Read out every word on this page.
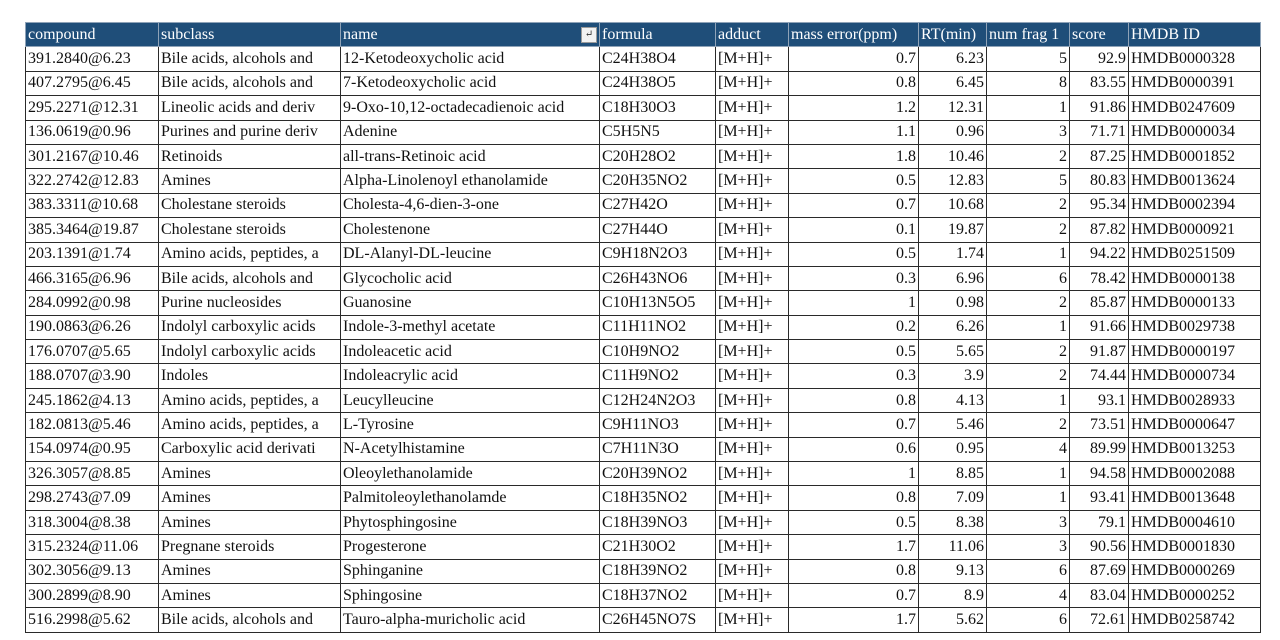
compound	subclass	name ↵	formula	adduct	mass error(ppm)	RT(min)	num frag 1	score	HMDB ID
391.2840@6.23	Bile acids, alcohols and	12-Ketodeoxycholic acid	C24H38O4	[M+H]+	0.7	6.23	5	92.9	HMDB0000328
407.2795@6.45	Bile acids, alcohols and	7-Ketodeoxycholic acid	C24H38O5	[M+H]+	0.8	6.45	8	83.55	HMDB0000391
295.2271@12.31	Lineolic acids and deriv	9-Oxo-10,12-octadecadienoic acid	C18H30O3	[M+H]+	1.2	12.31	1	91.86	HMDB0247609
136.0619@0.96	Purines and purine deriv	Adenine	C5H5N5	[M+H]+	1.1	0.96	3	71.71	HMDB0000034
301.2167@10.46	Retinoids	all-trans-Retinoic acid	C20H28O2	[M+H]+	1.8	10.46	2	87.25	HMDB0001852
322.2742@12.83	Amines	Alpha-Linolenoyl ethanolamide	C20H35NO2	[M+H]+	0.5	12.83	5	80.83	HMDB0013624
383.3311@10.68	Cholestane steroids	Cholesta-4,6-dien-3-one	C27H42O	[M+H]+	0.7	10.68	2	95.34	HMDB0002394
385.3464@19.87	Cholestane steroids	Cholestenone	C27H44O	[M+H]+	0.1	19.87	2	87.82	HMDB0000921
203.1391@1.74	Amino acids, peptides, a	DL-Alanyl-DL-leucine	C9H18N2O3	[M+H]+	0.5	1.74	1	94.22	HMDB0251509
466.3165@6.96	Bile acids, alcohols and	Glycocholic acid	C26H43NO6	[M+H]+	0.3	6.96	6	78.42	HMDB0000138
284.0992@0.98	Purine nucleosides	Guanosine	C10H13N5O5	[M+H]+	1	0.98	2	85.87	HMDB0000133
190.0863@6.26	Indolyl carboxylic acids	Indole-3-methyl acetate	C11H11NO2	[M+H]+	0.2	6.26	1	91.66	HMDB0029738
176.0707@5.65	Indolyl carboxylic acids	Indoleacetic acid	C10H9NO2	[M+H]+	0.5	5.65	2	91.87	HMDB0000197
188.0707@3.90	Indoles	Indoleacrylic acid	C11H9NO2	[M+H]+	0.3	3.9	2	74.44	HMDB0000734
245.1862@4.13	Amino acids, peptides, a	Leucylleucine	C12H24N2O3	[M+H]+	0.8	4.13	1	93.1	HMDB0028933
182.0813@5.46	Amino acids, peptides, a	L-Tyrosine	C9H11NO3	[M+H]+	0.7	5.46	2	73.51	HMDB0000647
154.0974@0.95	Carboxylic acid derivati	N-Acetylhistamine	C7H11N3O	[M+H]+	0.6	0.95	4	89.99	HMDB0013253
326.3057@8.85	Amines	Oleoylethanolamide	C20H39NO2	[M+H]+	1	8.85	1	94.58	HMDB0002088
298.2743@7.09	Amines	Palmitoleoylethanolamde	C18H35NO2	[M+H]+	0.8	7.09	1	93.41	HMDB0013648
318.3004@8.38	Amines	Phytosphingosine	C18H39NO3	[M+H]+	0.5	8.38	3	79.1	HMDB0004610
315.2324@11.06	Pregnane steroids	Progesterone	C21H30O2	[M+H]+	1.7	11.06	3	90.56	HMDB0001830
302.3056@9.13	Amines	Sphinganine	C18H39NO2	[M+H]+	0.8	9.13	6	87.69	HMDB0000269
300.2899@8.90	Amines	Sphingosine	C18H37NO2	[M+H]+	0.7	8.9	4	83.04	HMDB0000252
516.2998@5.62	Bile acids, alcohols and	Tauro-alpha-muricholic acid	C26H45NO7S	[M+H]+	1.7	5.62	6	72.61	HMDB0258742
